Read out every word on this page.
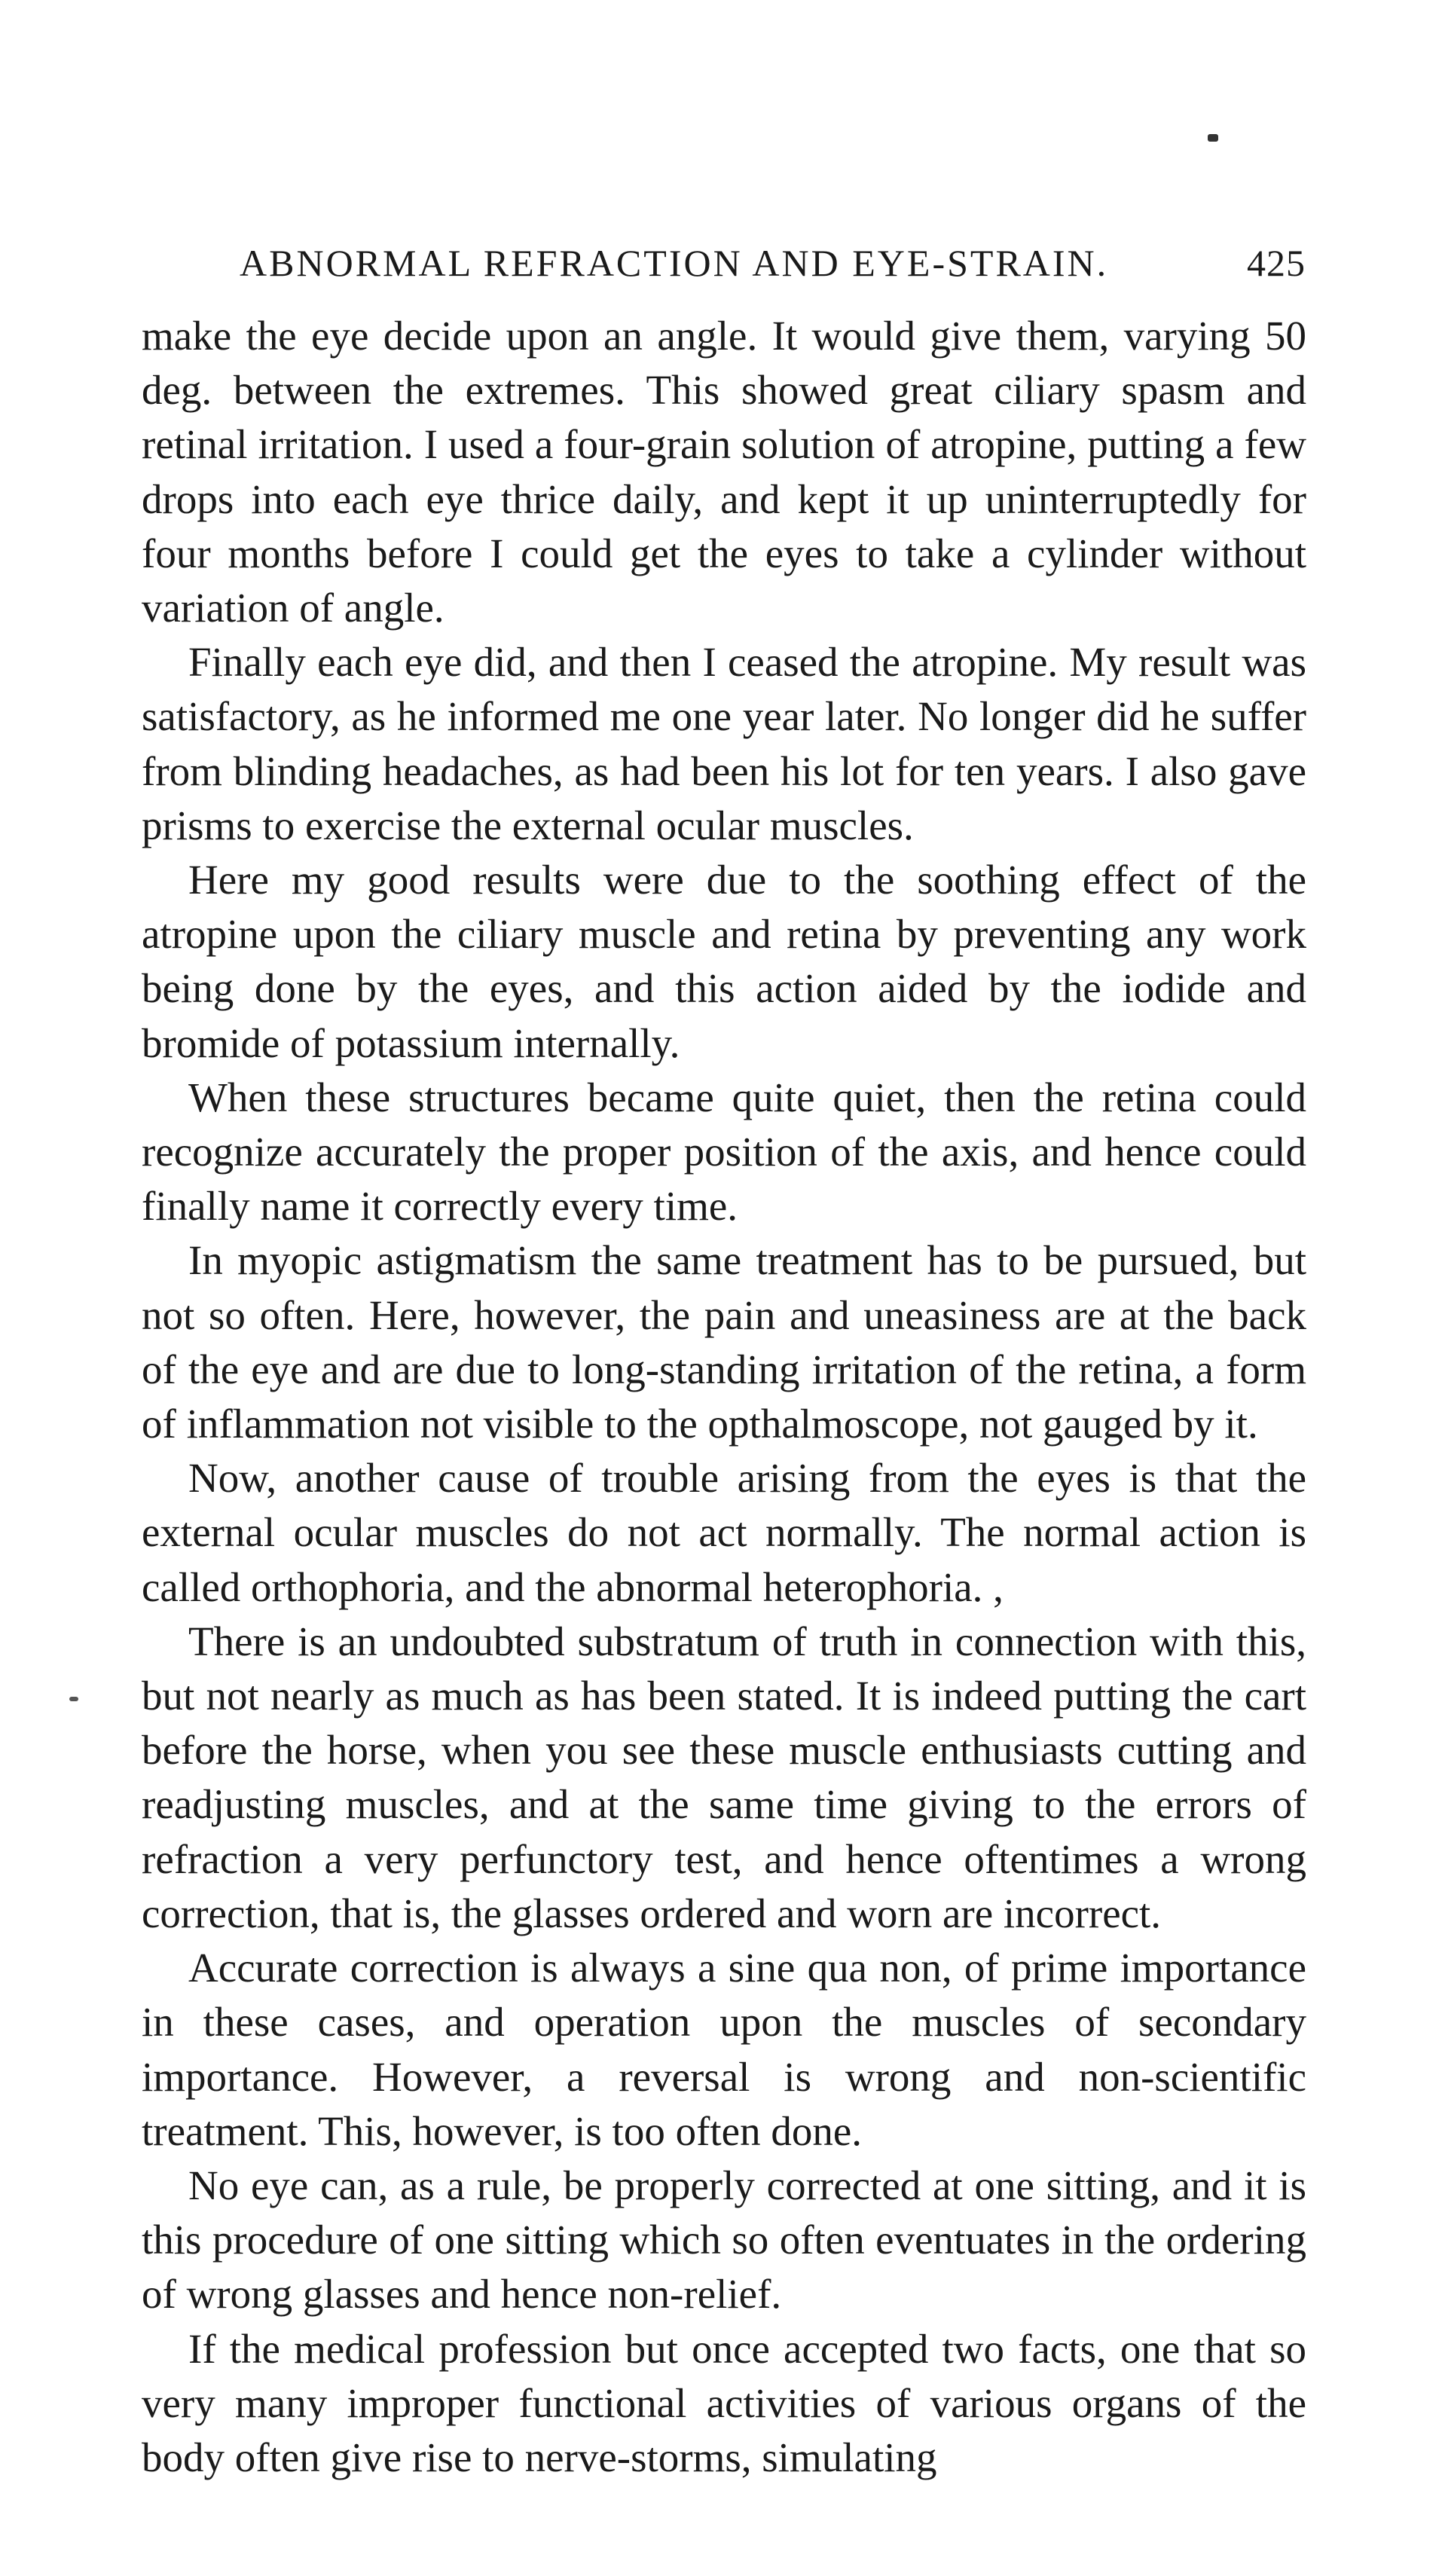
ABNORMAL REFRACTION AND EYE-STRAIN.	425

make the eye decide upon an angle. It would give them, varying 50 deg. between the extremes. This showed great ciliary spasm and retinal irritation. I used a four-grain solution of atropine, putting a few drops into each eye thrice daily, and kept it up uninterruptedly for four months before I could get the eyes to take a cylinder without variation of angle.

Finally each eye did, and then I ceased the atropine. My result was satisfactory, as he informed me one year later. No longer did he suffer from blinding headaches, as had been his lot for ten years. I also gave prisms to exercise the external ocular muscles.

Here my good results were due to the soothing effect of the atropine upon the ciliary muscle and retina by preventing any work being done by the eyes, and this action aided by the iodide and bromide of potassium internally.

When these structures became quite quiet, then the retina could recognize accurately the proper position of the axis, and hence could finally name it correctly every time.

In myopic astigmatism the same treatment has to be pursued, but not so often. Here, however, the pain and uneasiness are at the back of the eye and are due to long-standing irritation of the retina, a form of inflammation not visible to the opthalmoscope, not gauged by it.

Now, another cause of trouble arising from the eyes is that the external ocular muscles do not act normally. The normal action is called orthophoria, and the abnormal heterophoria. ,

There is an undoubted substratum of truth in connection with this, but not nearly as much as has been stated. It is indeed putting the cart before the horse, when you see these muscle enthusiasts cutting and readjusting muscles, and at the same time giving to the errors of refraction a very perfunctory test, and hence oftentimes a wrong correction, that is, the glasses ordered and worn are incorrect.

Accurate correction is always a sine qua non, of prime importance in these cases, and operation upon the muscles of secondary importance. However, a reversal is wrong and non-scientific treatment. This, however, is too often done.

No eye can, as a rule, be properly corrected at one sitting, and it is this procedure of one sitting which so often eventuates in the ordering of wrong glasses and hence non-relief.

If the medical profession but once accepted two facts, one that so very many improper functional activities of various organs of the body often give rise to nerve-storms, simulating
